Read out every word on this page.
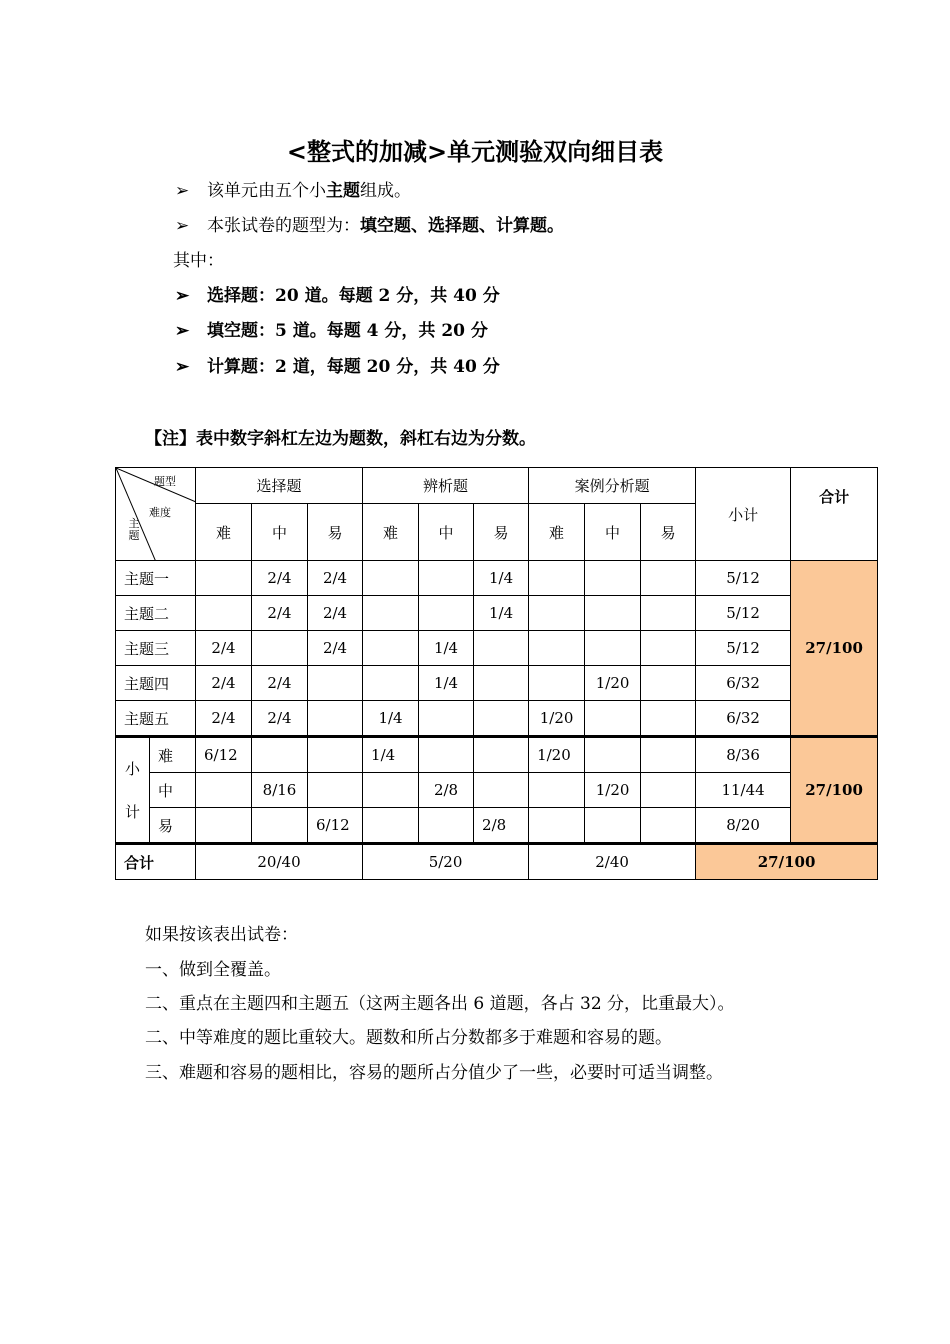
<整式的加减>单元测验双向细目表
➢ 该单元由五个小主题组成。
➢ 本张试卷的题型为：填空题、选择题、计算题。
其中：
➢ 选择题：20 道。每题 2 分，共 40 分
➢ 填空题：5 道。每题 4 分，共 20 分
➢ 计算题：2 道，每题 20 分，共 40 分
【注】表中数字斜杠左边为题数，斜杠右边为分数。
题型
难度
主题		选择题			辨析题			案例分析题			小计	合计
		难	中	易	难	中	易	难	中	易		
主题一			2/4	2/4			1/4				5/12	27/100
主题二			2/4	2/4			1/4				5/12	
主题三		2/4		2/4		1/4					5/12	
主题四		2/4	2/4			1/4			1/20		6/32	
主题五		2/4	2/4		1/4			1/20			6/32	

小
计	难	6/12			1/4			1/20			8/36	27/100
	中		8/16			2/8			1/20		11/44	
	易			6/12			2/8				8/20	
合计		20/40			5/20			2/40			27/100	
如果按该表出试卷：
一、做到全覆盖。
二、重点在主题四和主题五（这两主题各出 6 道题，各占 32 分，比重最大）。
二、中等难度的题比重较大。题数和所占分数都多于难题和容易的题。
三、难题和容易的题相比，容易的题所占分值少了一些，必要时可适当调整。
